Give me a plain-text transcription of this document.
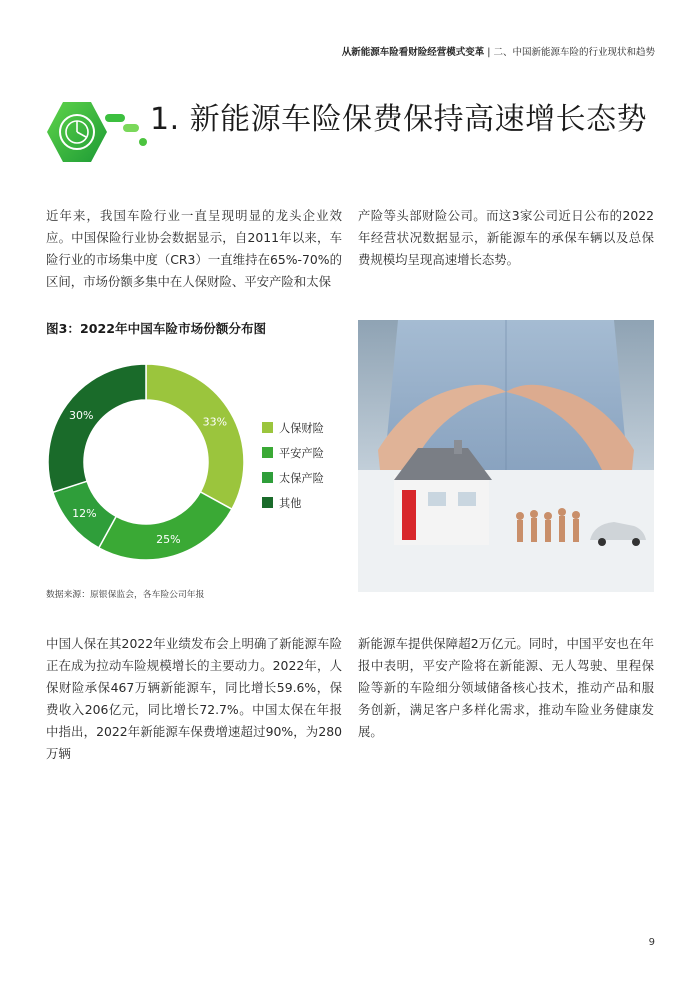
从新能源车险看财险经营模式变革 | 二、中国新能源车险的行业现状和趋势
1. 新能源车险保费保持高速增长态势

近年来，我国车险行业一直呈现明显的龙头企业效应。中国保险行业协会数据显示，自2011年以来，车险行业的市场集中度（CR3）一直维持在65%-70%的区间，市场份额多集中在人保财险、平安产险和太保

产险等头部财险公司。而这3家公司近日公布的2022年经营状况数据显示，新能源车的承保车辆以及总保费规模均呈现高速增长态势。

图3：2022年中国车险市场份额分布图
33%
25%
12%
30%
人保财险
平安产险
太保产险
其他
数据来源：原银保监会，各车险公司年报

中国人保在其2022年业绩发布会上明确了新能源车险正在成为拉动车险规模增长的主要动力。2022年，人保财险承保467万辆新能源车，同比增长59.6%，保费收入206亿元，同比增长72.7%。中国太保在年报中指出，2022年新能源车保费增速超过90%，为280万辆

新能源车提供保障超2万亿元。同时，中国平安也在年报中表明，平安产险将在新能源、无人驾驶、里程保险等新的车险细分领域储备核心技术，推动产品和服务创新，满足客户多样化需求，推动车险业务健康发展。

9
